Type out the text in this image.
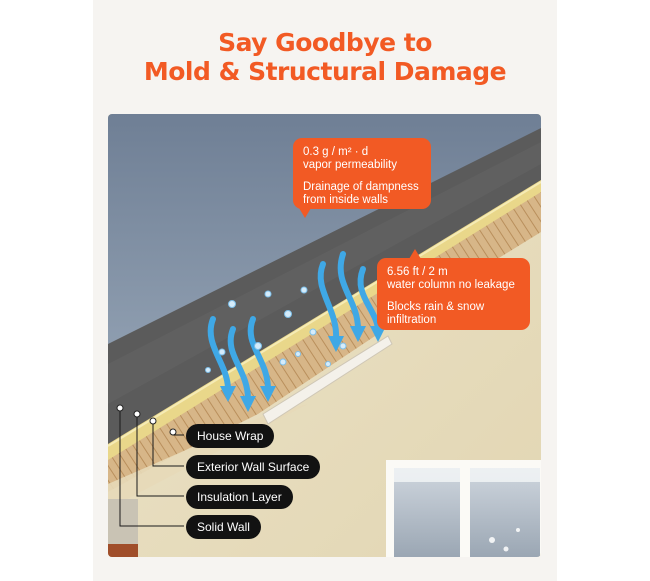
Say Goodbye to
Mold & Structural Damage
0.3 g / m² · d
vapor permeability
Drainage of dampness
from inside walls
6.56 ft / 2 m
water column no leakage
Blocks rain & snow
infiltration
House Wrap
Exterior Wall Surface
Insulation Layer
Solid Wall
